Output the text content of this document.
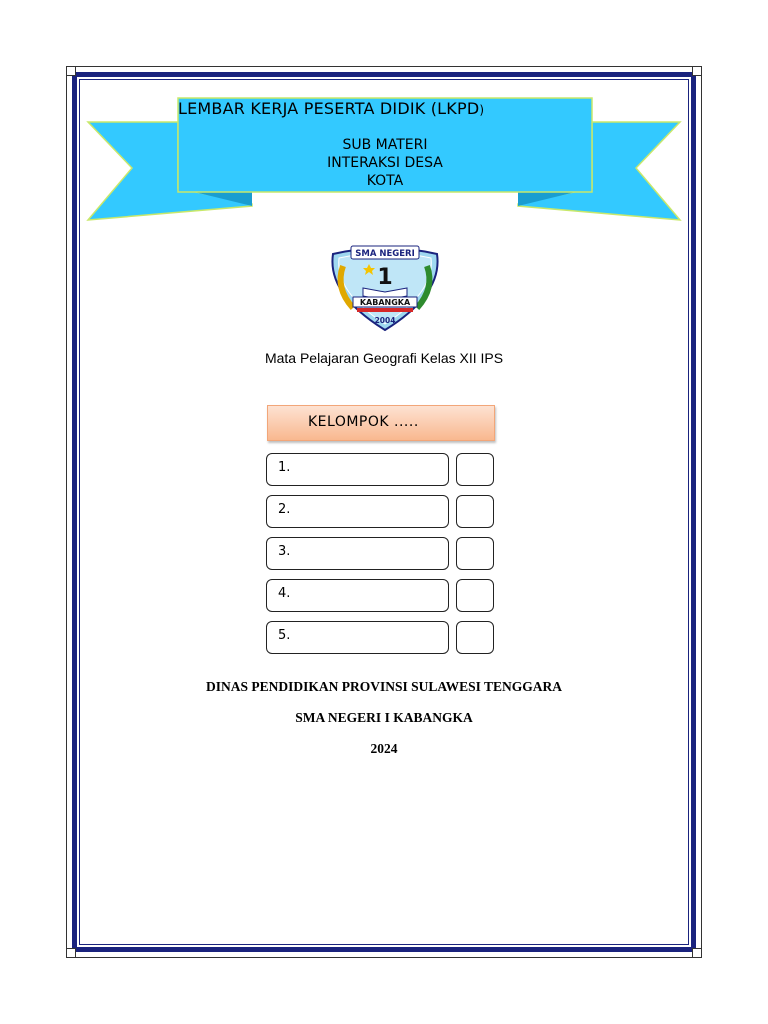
LEMBAR KERJA PESERTA DIDIK (LKPD)
SUB MATERI
INTERAKSI DESA
KOTA
SMA NEGERI
1
KABANGKA
2004
Mata Pelajaran Geografi Kelas XII IPS
KELOMPOK .....
1.
2.
3.
4.
5.
DINAS PENDIDIKAN PROVINSI SULAWESI TENGGARA
SMA NEGERI I KABANGKA
2024
